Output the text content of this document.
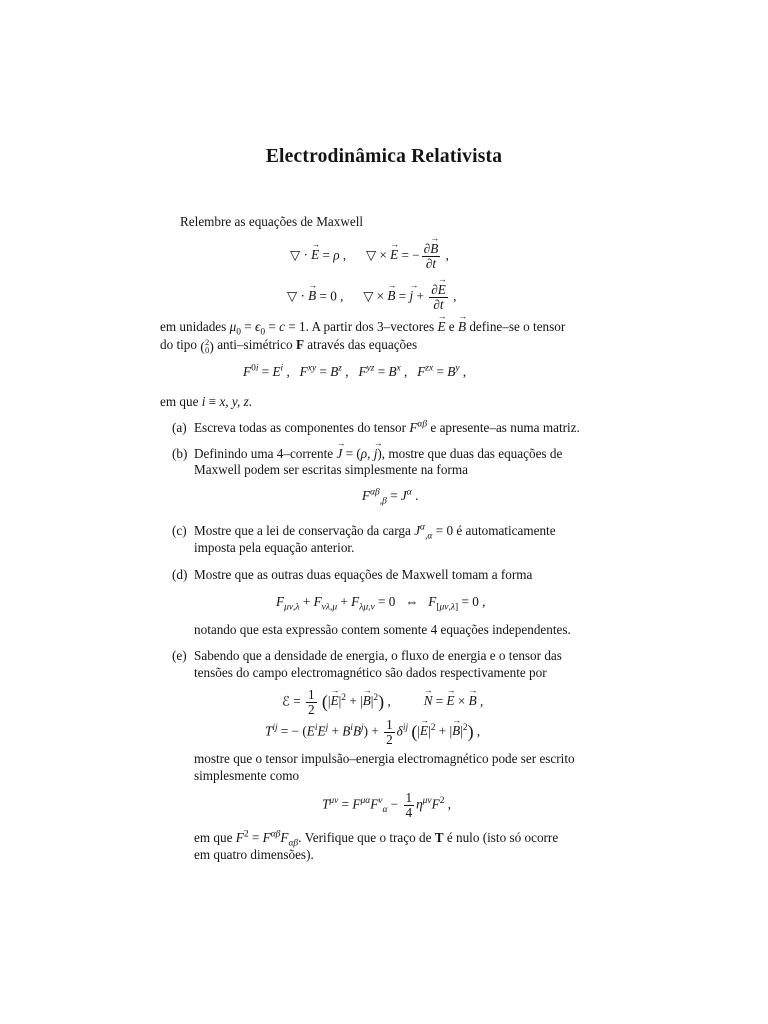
Electrodinâmica Relativista
Relembre as equações de Maxwell
▽ · → E = ρ ,      ▽ × → E = − $\frac{\partial\to B}{\partial t}$ ,
▽ · → B = 0 ,      ▽ × → B = → $j + \frac{\partial\to E}{\partial t}$ ,
em unidades $\mu_0 = \epsilon_0 = c = 1$. A partir dos 3–vectores → E e → B define–se o tensor
do tipo (2
0) anti–simétrico F através das equações
$F^{0i} = E^i$ ,   $F^{xy} = B^z$ ,   $F^{yz} = B^x$ ,   $F^{zx} = B^y$ ,
em que i ≡ x, y, z.
(a) Escreva todas as componentes do tensor $F^{\alpha\beta}$ e apresente–as numa matriz.
(b) Definindo uma 4–corrente → J = (ρ, → j), mostre que duas das equações de
Maxwell podem ser escritas simplesmente na forma
$F^{\alpha\beta}_{,\beta} = J^\alpha$ .
(c) Mostre que a lei de conservação da carga $J^\alpha_{,\alpha} = 0$ é automaticamente
imposta pela equação anterior.
(d) Mostre que as outras duas equações de Maxwell tomam a forma
$F_{\mu\nu,\lambda} + F_{\nu\lambda,\mu} + F_{\lambda\mu,\nu} = 0$   ⇔   $F_{[\mu\nu,\lambda]} = 0$ ,
notando que esta expressão contem somente 4 equações independentes.
(e) Sabendo que a densidade de energia, o fluxo de energia e o tensor das
tensões do campo electromagnético são dados respectivamente por
ℰ = $\frac{1}{2}$ (|→ $E|^2$ + |→ $B|^2$) ,          → N = → E × → B ,
$T^{ij}$ = − $(E^iE^j + B^iB^j) + \frac{1}{2} \delta^{ij}$ (|→ $E|^2$ + |→ $B|^2$) ,
mostre que o tensor impulsão–energia electromagnético pode ser escrito
simplesmente como
$T^{\mu\nu} = F^{\mu\alpha}F^\nu_\alpha - \frac{1}{4} \eta^{\mu\nu}F^2$ ,
em que $F^2 = F^{\alpha\beta}F_{\alpha\beta}$. Verifique que o traço de T é nulo (isto só ocorre
em quatro dimensões).
